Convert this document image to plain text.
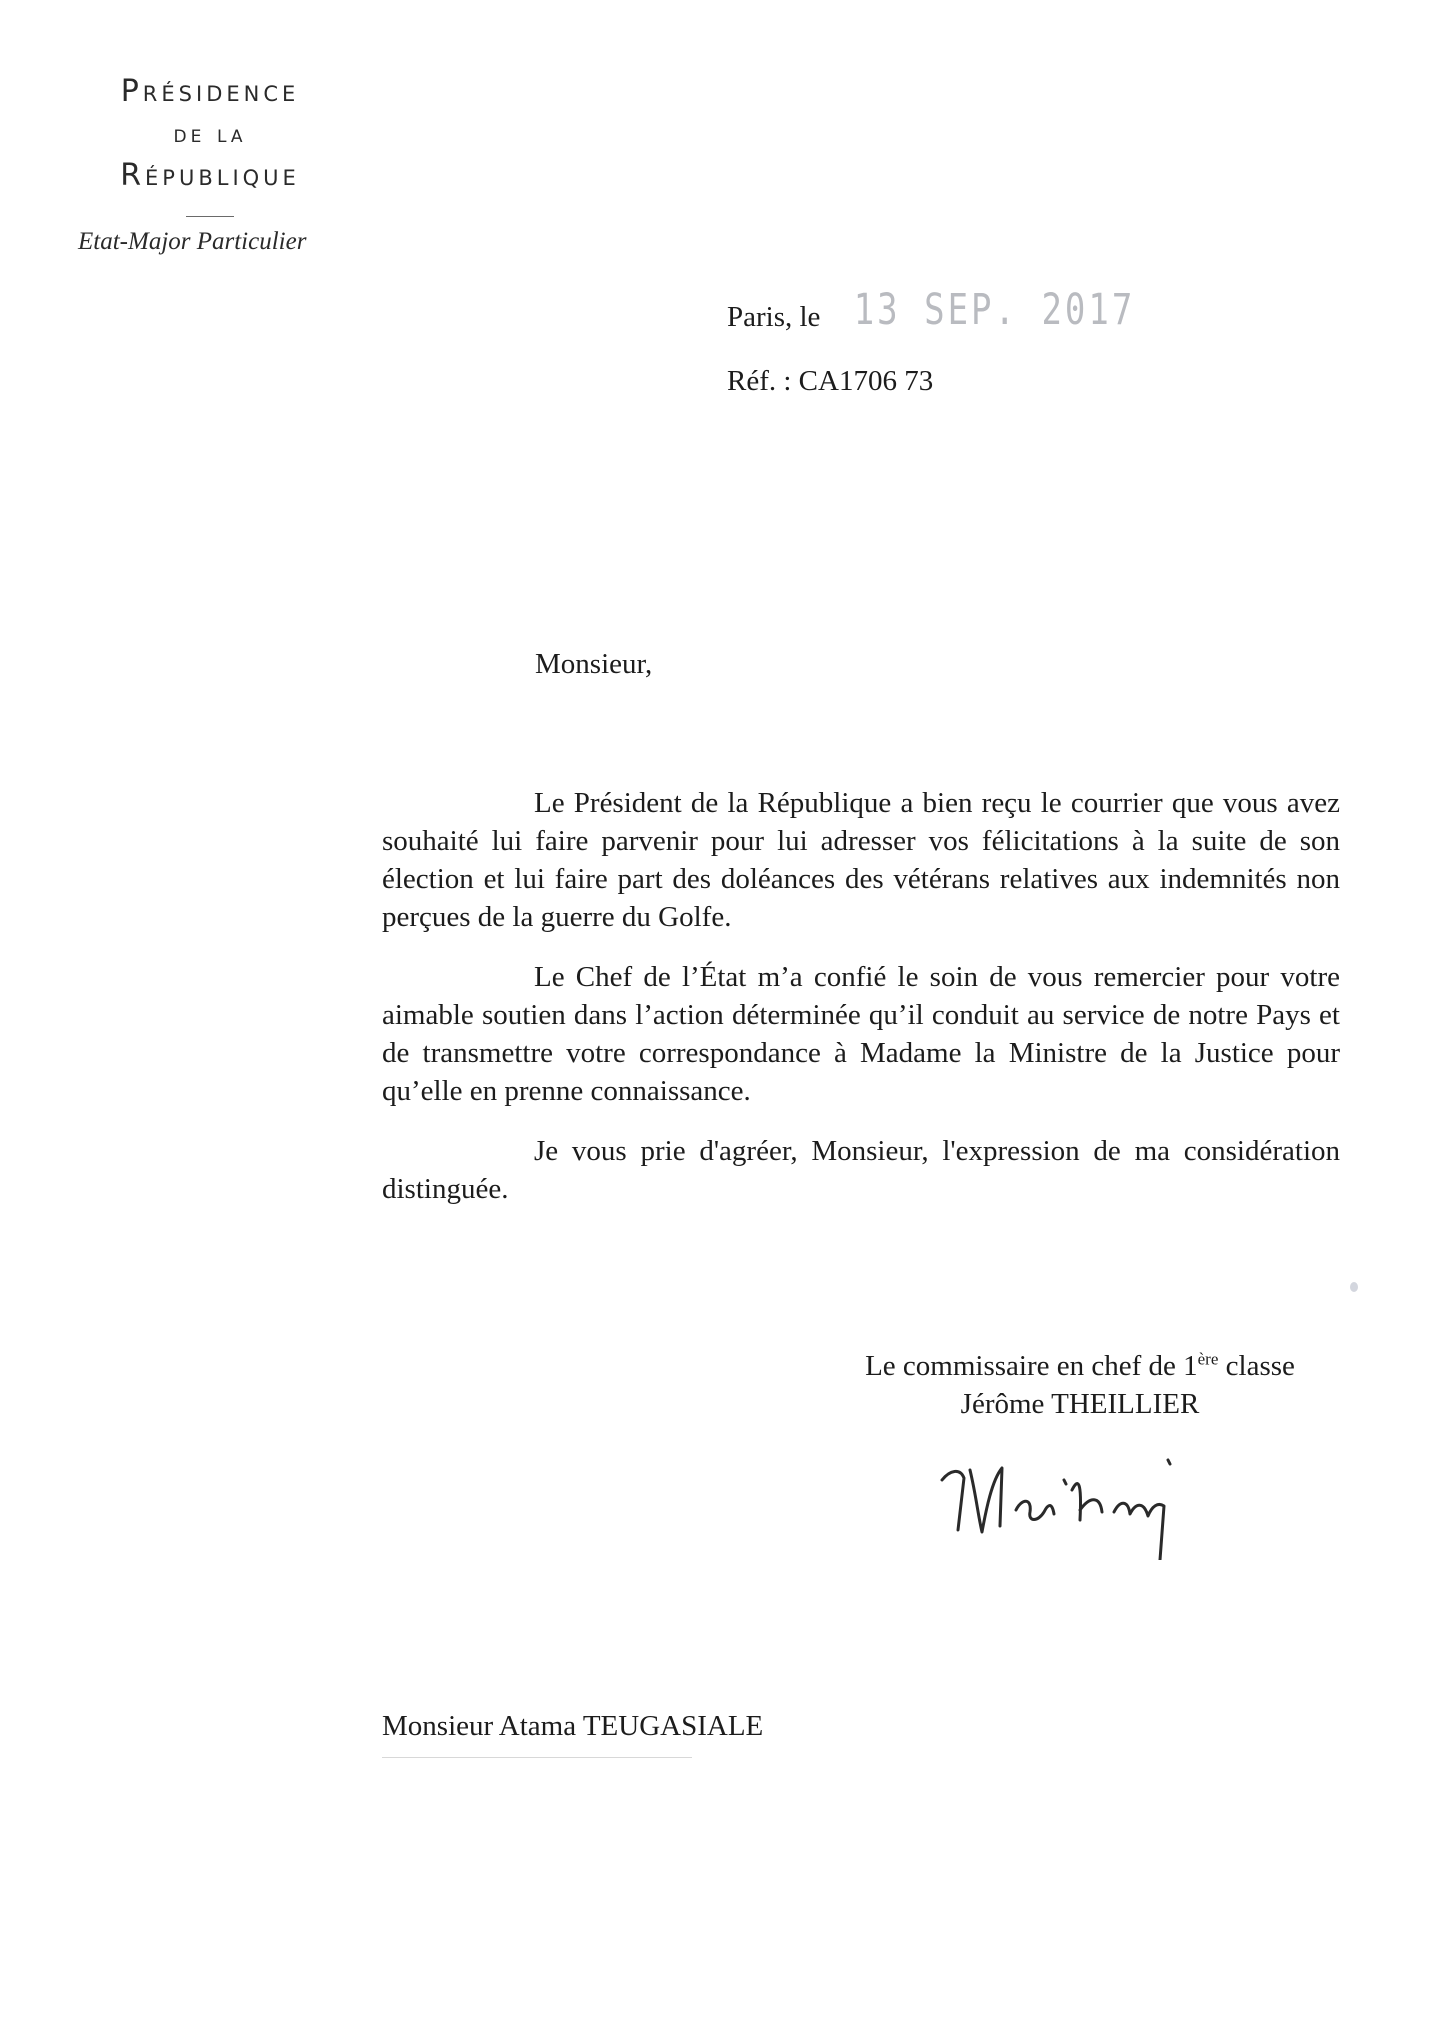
Présidence
de la
République
Etat-Major Particulier
Paris, le 13 SEP. 2017
Réf. : CA1706 73
Monsieur,

Le Président de la République a bien reçu le courrier que vous avez souhaité lui faire parvenir pour lui adresser vos félicitations à la suite de son élection et lui faire part des doléances des vétérans relatives aux indemnités non perçues de la guerre du Golfe.

Le Chef de l’État m’a confié le soin de vous remercier pour votre aimable soutien dans l’action déterminée qu’il conduit au service de notre Pays et de transmettre votre correspondance à Madame la Ministre de la Justice pour qu’elle en prenne connaissance.

Je vous prie d'agréer, Monsieur, l'expression de ma considération distinguée.

Le commissaire en chef de 1ère classe
Jérôme THEILLIER
Monsieur Atama TEUGASIALE
